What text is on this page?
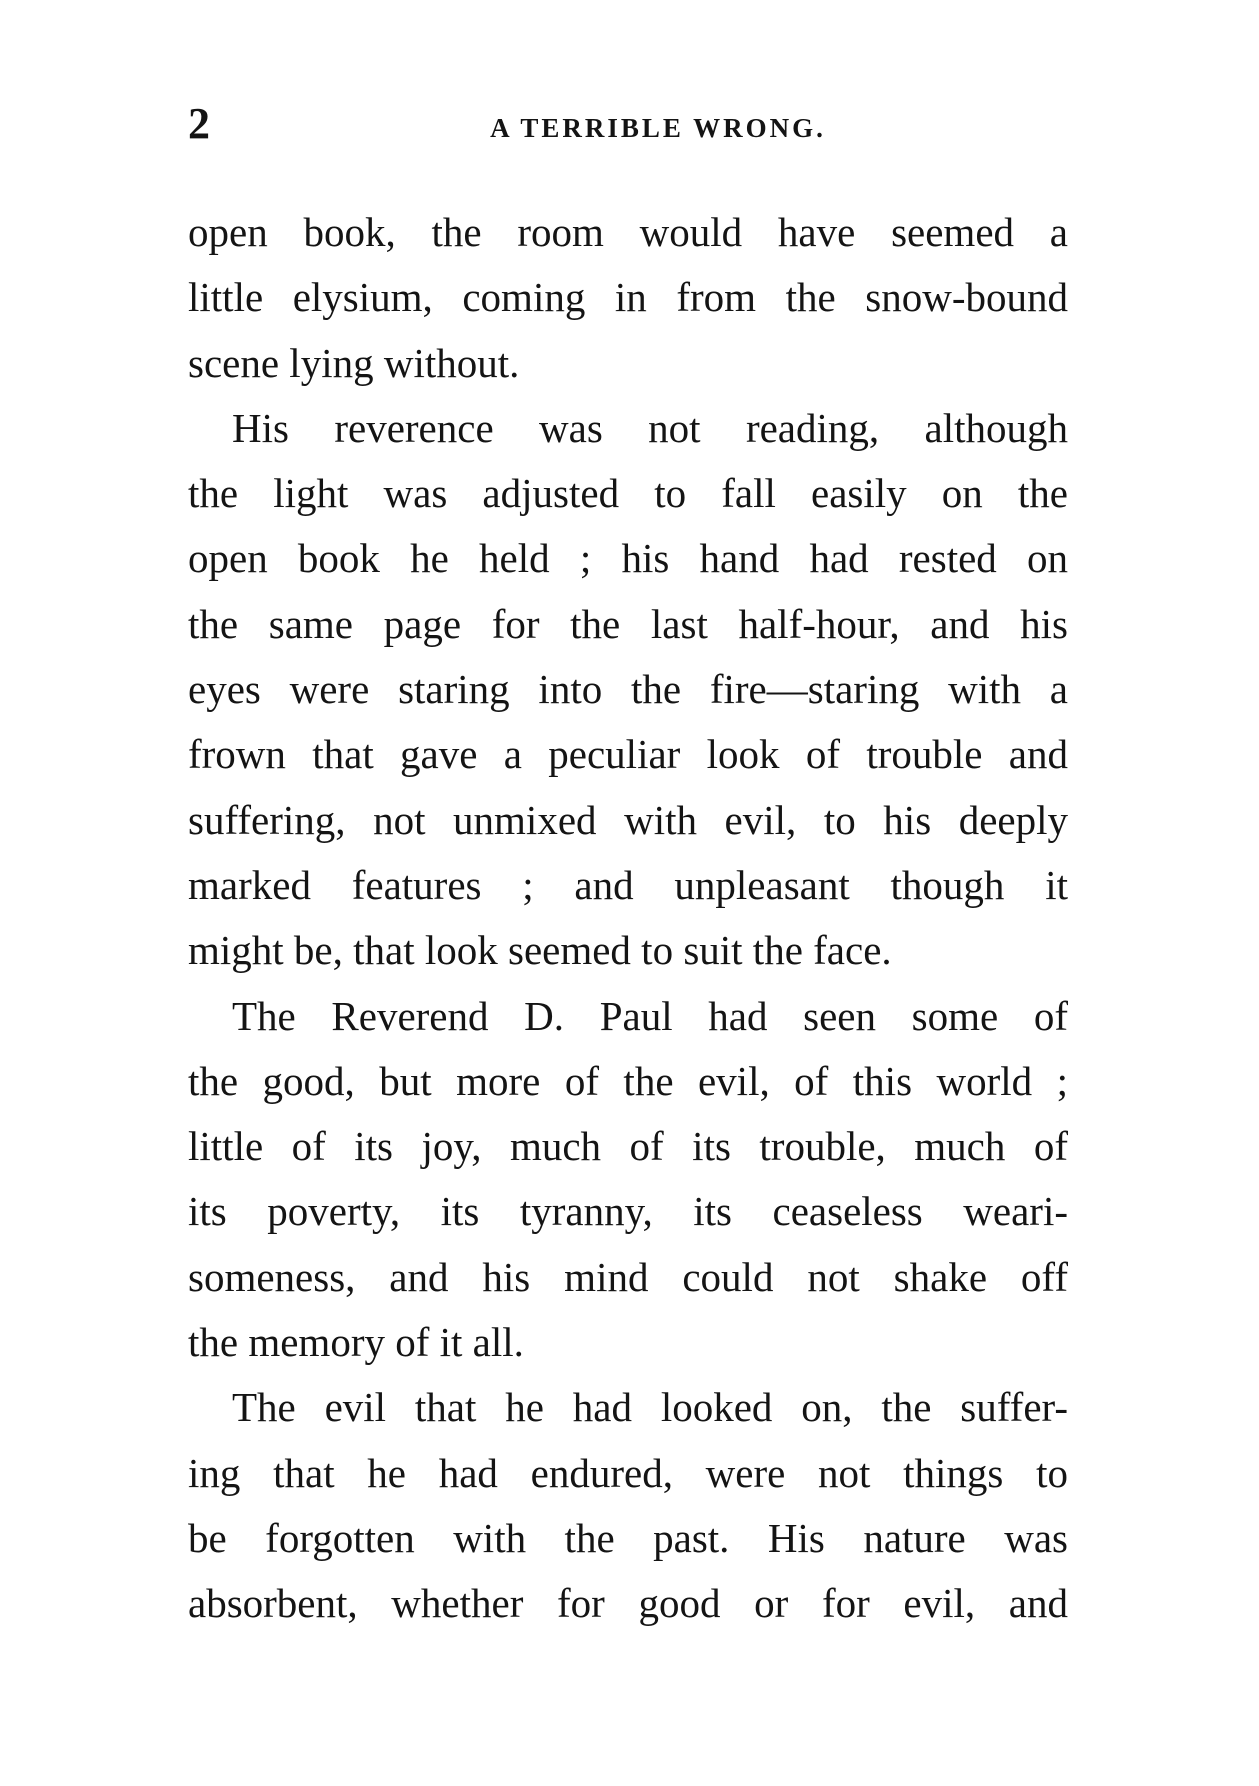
2	A TERRIBLE WRONG.
open book, the room would have seemed a
little elysium, coming in from the snow-bound
scene lying without.
His reverence was not reading, although
the light was adjusted to fall easily on the
open book he held ; his hand had rested on
the same page for the last half-hour, and his
eyes were staring into the fire—staring with a
frown that gave a peculiar look of trouble and
suffering, not unmixed with evil, to his deeply
marked features ; and unpleasant though it
might be, that look seemed to suit the face.
The Reverend D. Paul had seen some of
the good, but more of the evil, of this world ;
little of its joy, much of its trouble, much of
its poverty, its tyranny, its ceaseless weari-
someness, and his mind could not shake off
the memory of it all.
The evil that he had looked on, the suffer-
ing that he had endured, were not things to
be forgotten with the past. His nature was
absorbent, whether for good or for evil, and
